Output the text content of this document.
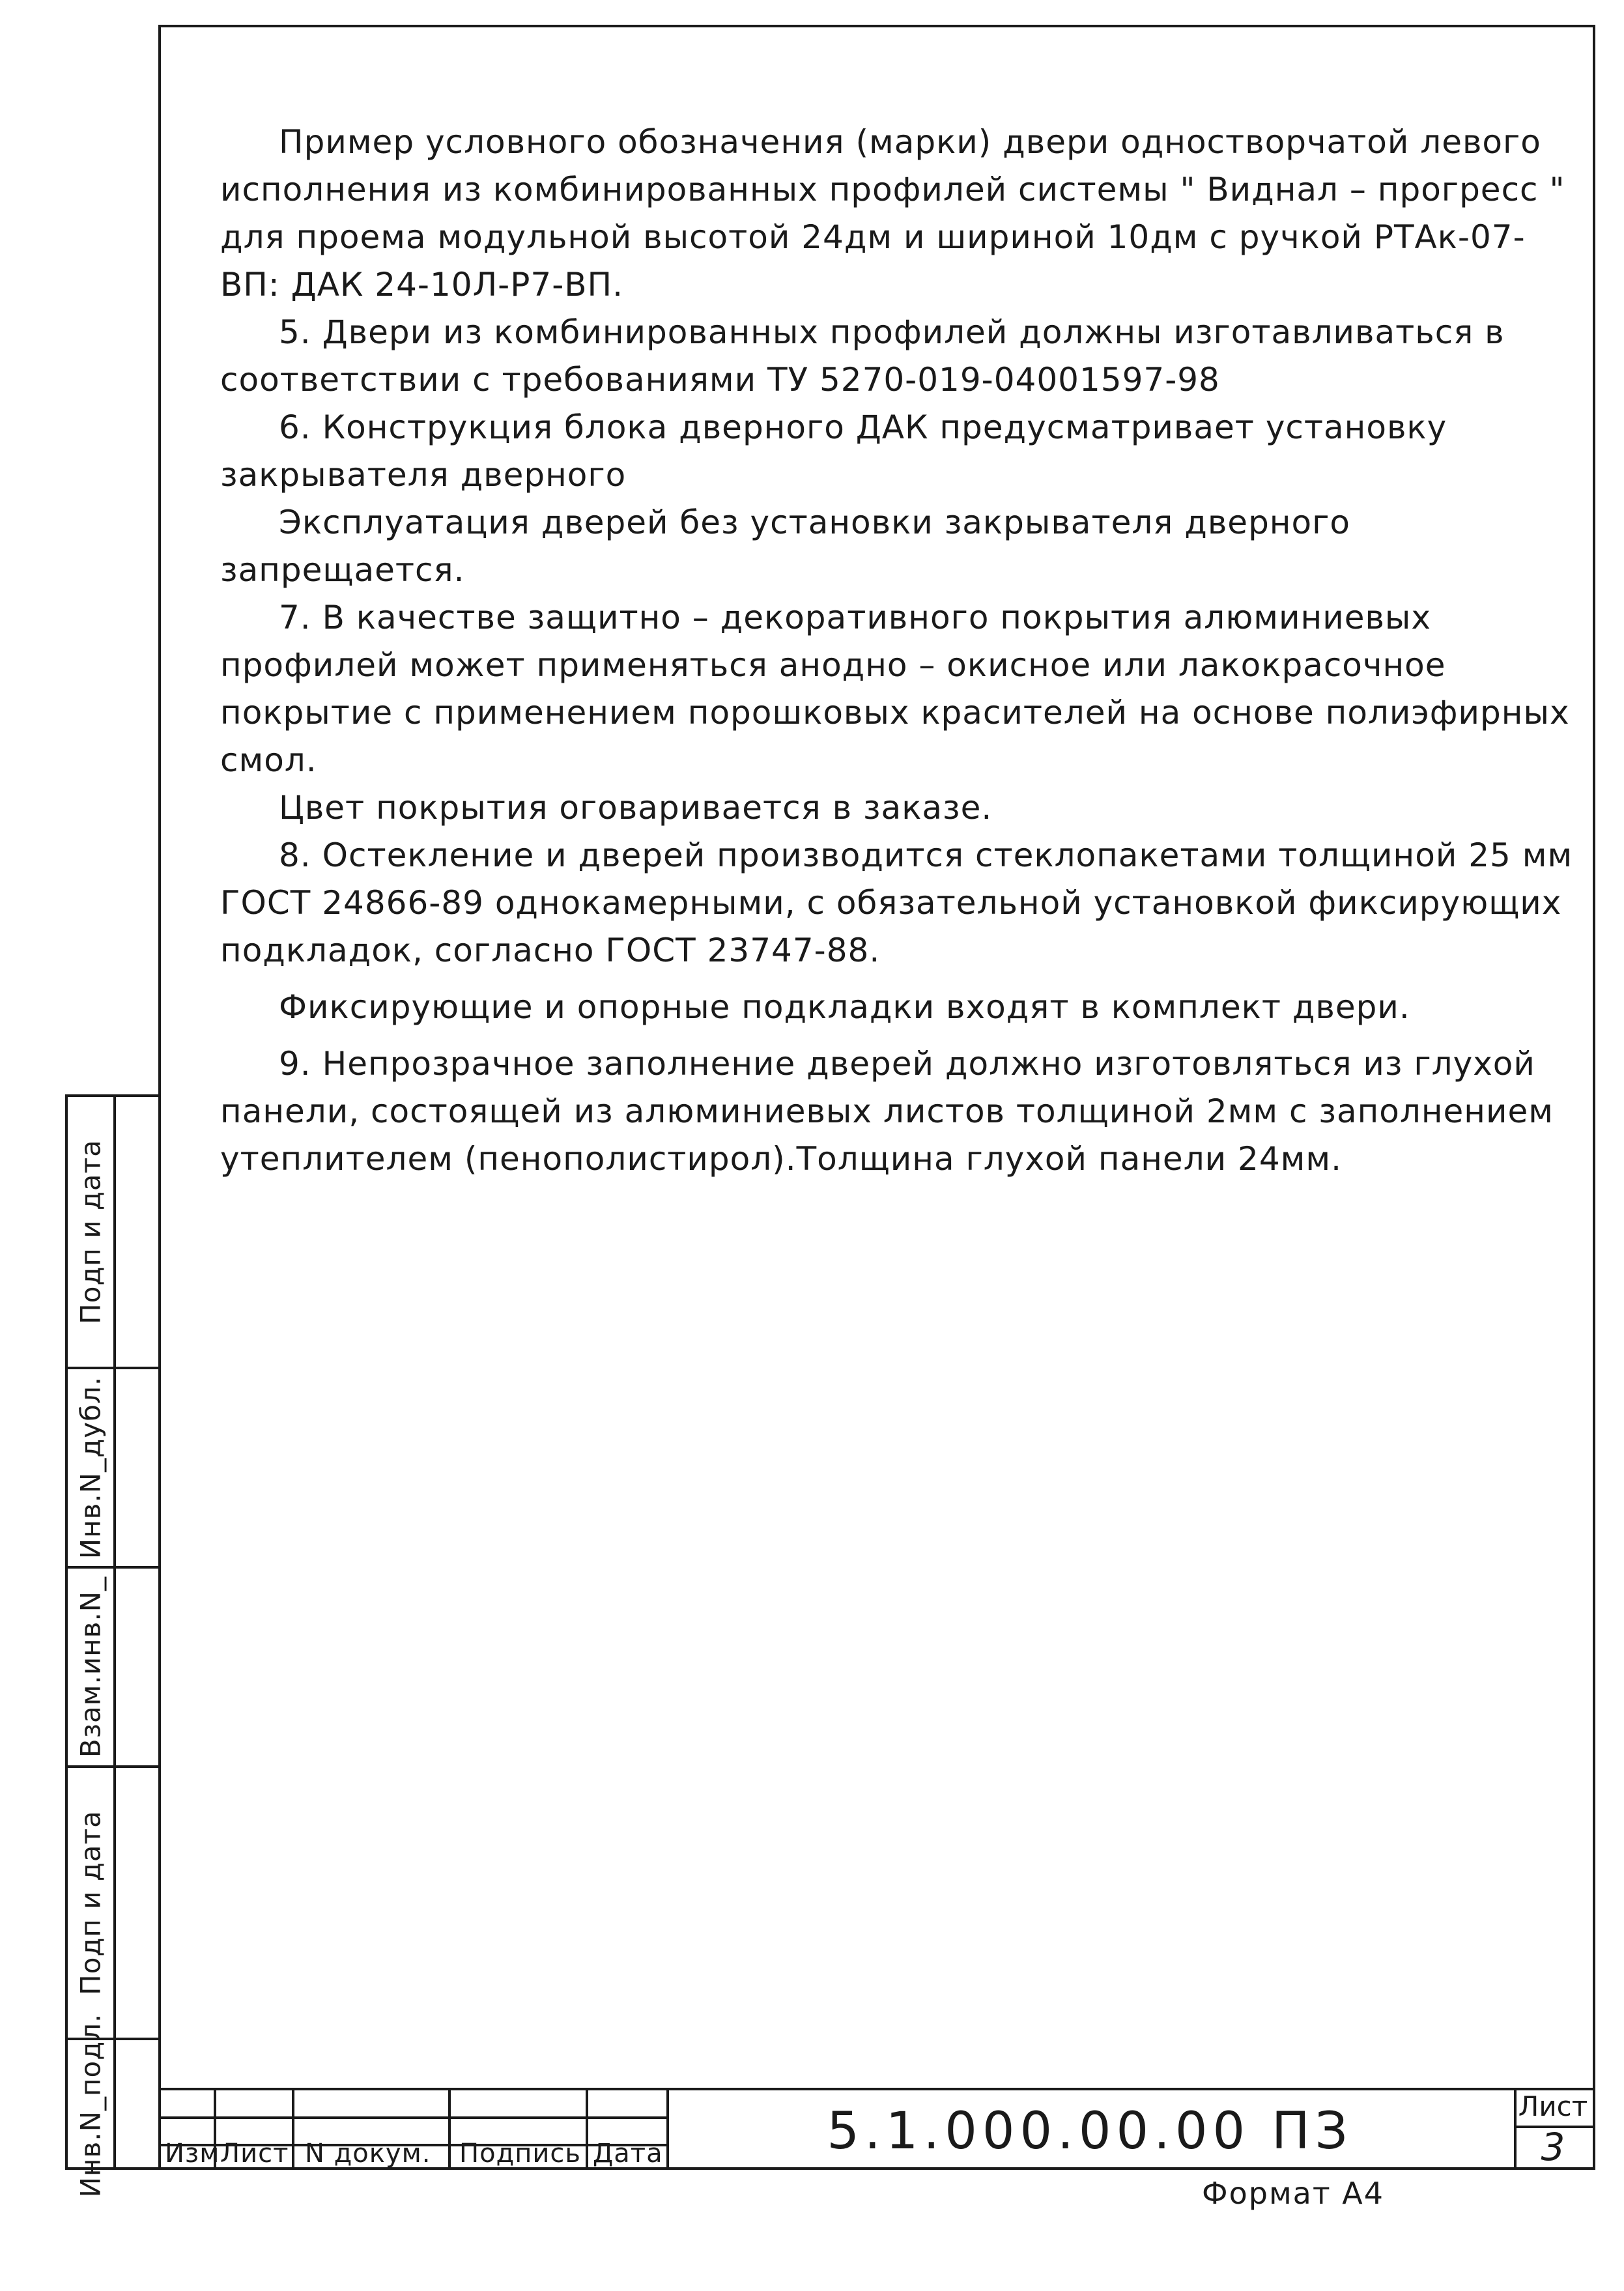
Пример условного обозначения (марки) двери одностворчатой левого исполнения из комбинированных профилей системы " Виднал – прогресс " для проема модульной высотой 24дм и шириной 10дм с ручкой РТАк-07-ВП: ДАК 24-10Л-Р7-ВП.

5. Двери из комбинированных профилей должны изготавливаться в соответствии с требованиями ТУ 5270-019-04001597-98

6. Конструкция блока дверного ДАК предусматривает установку закрывателя дверного

Эксплуатация дверей без установки закрывателя дверного запрещается.

7. В качестве защитно – декоративного покрытия алюминиевых профилей может применяться анодно – окисное или лакокрасочное покрытие с применением порошковых красителей на основе полиэфирных смол.

Цвет покрытия оговаривается в заказе.

8. Остекление и дверей производится стеклопакетами толщиной 25 мм ГОСТ 24866-89 однокамерными, с обязательной установкой фиксирующих подкладок, согласно ГОСТ 23747-88.

Фиксирующие и опорные подкладки входят в комплект двери.

9. Непрозрачное заполнение дверей должно изготовляться из глухой панели, состоящей из алюминиевых листов толщиной 2мм с заполнением утеплителем (пенополистирол).Толщина глухой панели 24мм.

Подп и дата
Инв.N_дубл.
Взам.инв.N_
Подп и дата
Инв.N_подл. Изм Лист N докум. Подпись Дата	5.1.000.00.00 ПЗ	Лист
3
Формат А4
